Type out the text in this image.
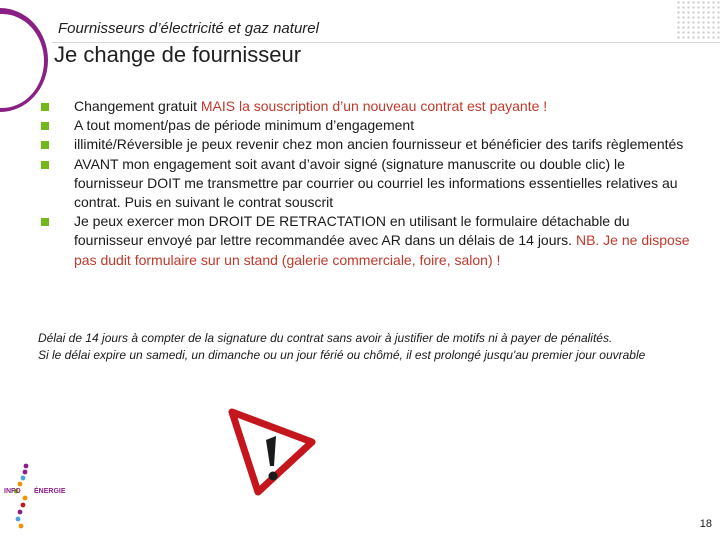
Fournisseurs d’électricité et gaz naturel
Je change de fournisseur
Changement gratuit MAIS la souscription d’un nouveau contrat est payante !
A tout moment/pas de période minimum d’engagement
illimité/Réversible je peux revenir chez mon ancien fournisseur et bénéficier des tarifs règlementés
AVANT mon engagement soit avant d’avoir signé (signature manuscrite ou double clic) le fournisseur DOIT me transmettre par courrier ou courriel les informations essentielles relatives au contrat. Puis en suivant le contrat souscrit
Je peux exercer mon DROIT DE RETRACTATION en utilisant le formulaire détachable du fournisseur envoyé par lettre recommandée avec AR dans un délais de 14 jours. NB. Je ne dispose pas dudit formulaire sur un stand (galerie commerciale, foire, salon) !
Délai de 14 jours à compter de la signature du contrat sans avoir à justifier de motifs ni à payer de pénalités.
Si le délai expire un samedi, un dimanche ou un jour férié ou chômé, il est prolongé jusqu'au premier jour ouvrable
INFO ÉNERGIE
18
